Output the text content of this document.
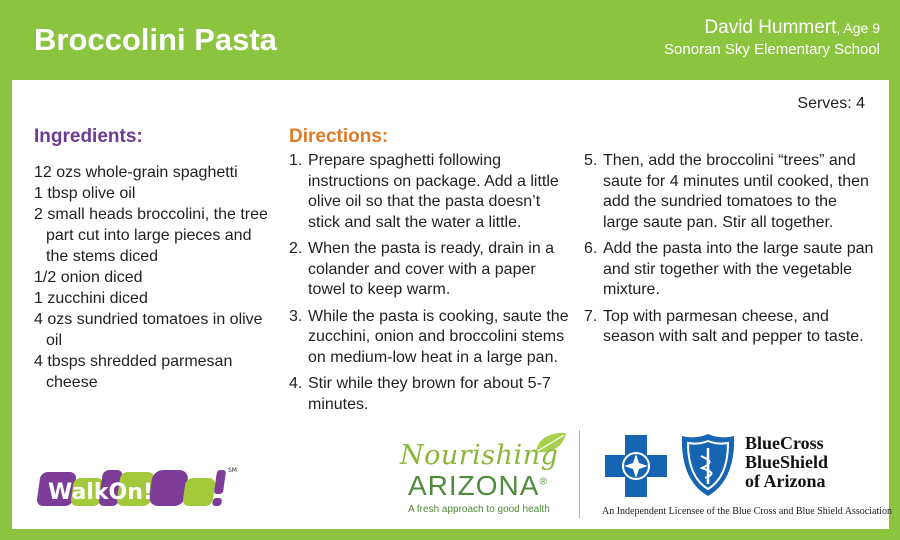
Broccolini Pasta	David Hummert, Age 9
Sonoran Sky Elementary School
Serves: 4
Ingredients:
12 ozs whole-grain spaghetti
1 tbsp olive oil
2 small heads broccolini, the tree part cut into large pieces and the stems diced
1/2 onion diced
1 zucchini diced
4 ozs sundried tomatoes in olive oil
4 tbsps shredded parmesan cheese
Directions:
1. Prepare spaghetti following instructions on package. Add a little olive oil so that the pasta doesn’t stick and salt the water a little.
2. When the pasta is ready, drain in a colander and cover with a paper towel to keep warm.
3. While the pasta is cooking, saute the zucchini, onion and broccolini stems on medium-low heat in a large pan.
4. Stir while they brown for about 5-7 minutes.
5. Then, add the broccolini “trees” and saute for 4 minutes until cooked, then add the sundried tomatoes to the large saute pan. Stir all together.
6. Add the pasta into the large saute pan and stir together with the vegetable mixture.
7. Top with parmesan cheese, and season with salt and pepper to taste.
WalkOn!
SM	Nourishing
ARIZONA®
A fresh approach to good health
BlueCross
BlueShield
of Arizona
An Independent Licensee of the Blue Cross and Blue Shield Association
